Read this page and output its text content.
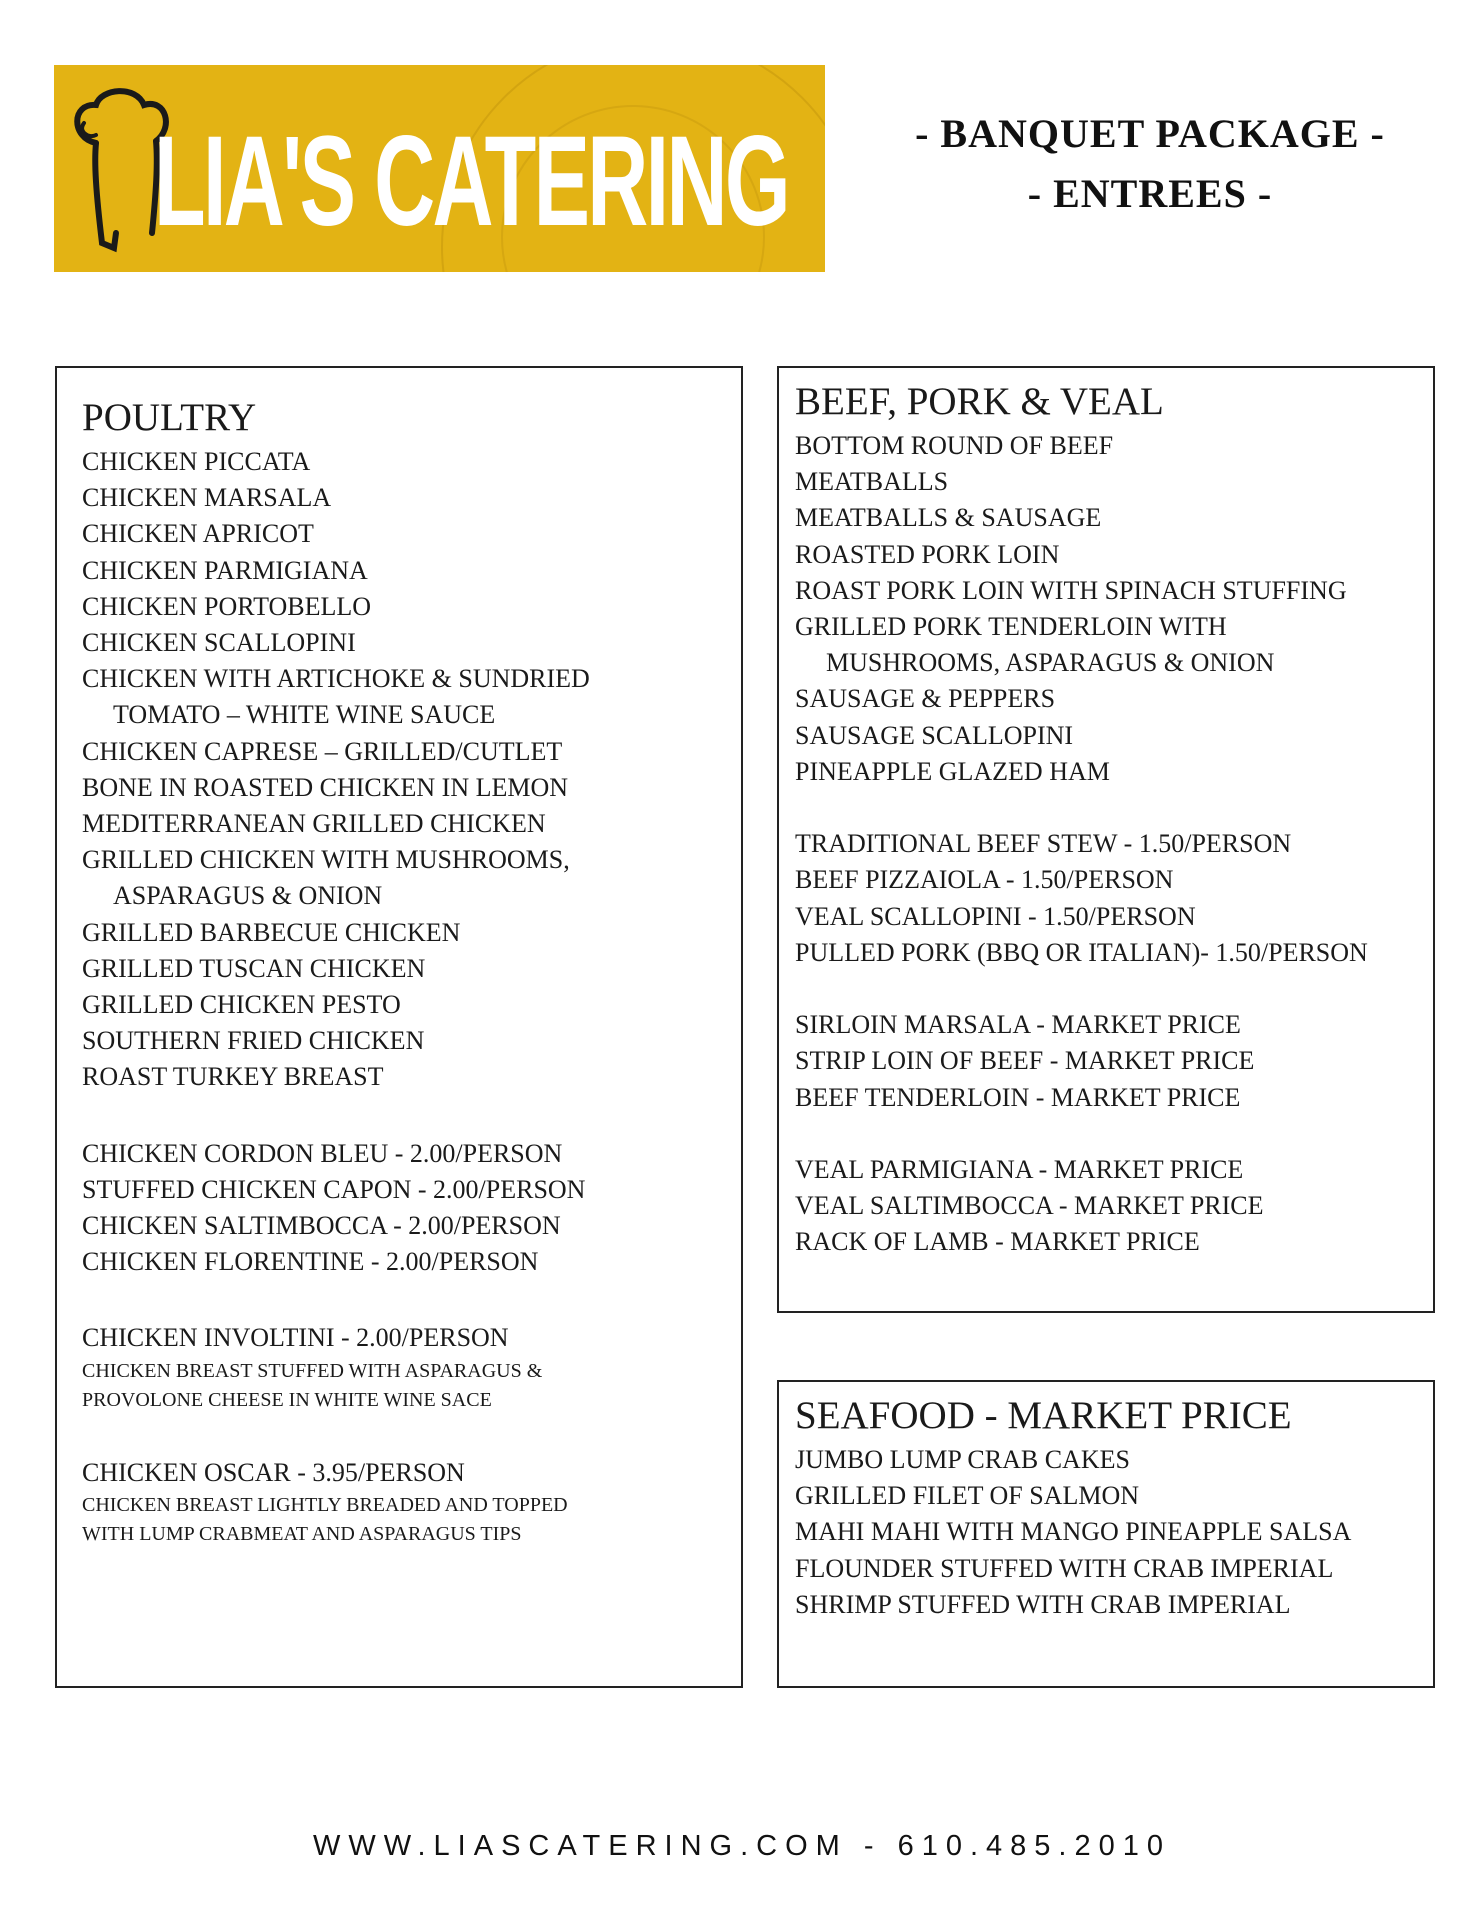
LIA'S CATERING	- BANQUET PACKAGE -
- ENTREES -
POULTRY
CHICKEN PICCATA
CHICKEN MARSALA
CHICKEN APRICOT
CHICKEN PARMIGIANA
CHICKEN PORTOBELLO
CHICKEN SCALLOPINI
CHICKEN WITH ARTICHOKE & SUNDRIED
TOMATO – WHITE WINE SAUCE
CHICKEN CAPRESE – GRILLED/CUTLET
BONE IN ROASTED CHICKEN IN LEMON
MEDITERRANEAN GRILLED CHICKEN
GRILLED CHICKEN WITH MUSHROOMS,
ASPARAGUS & ONION
GRILLED BARBECUE CHICKEN
GRILLED TUSCAN CHICKEN
GRILLED CHICKEN PESTO
SOUTHERN FRIED CHICKEN
ROAST TURKEY BREAST
CHICKEN CORDON BLEU - 2.00/PERSON
STUFFED CHICKEN CAPON - 2.00/PERSON
CHICKEN SALTIMBOCCA - 2.00/PERSON
CHICKEN FLORENTINE - 2.00/PERSON
CHICKEN INVOLTINI - 2.00/PERSON
CHICKEN BREAST STUFFED WITH ASPARAGUS &
PROVOLONE CHEESE IN WHITE WINE SACE
CHICKEN OSCAR - 3.95/PERSON
CHICKEN BREAST LIGHTLY BREADED AND TOPPED
WITH LUMP CRABMEAT AND ASPARAGUS TIPS
BEEF, PORK & VEAL
BOTTOM ROUND OF BEEF
MEATBALLS
MEATBALLS & SAUSAGE
ROASTED PORK LOIN
ROAST PORK LOIN WITH SPINACH STUFFING
GRILLED PORK TENDERLOIN WITH
MUSHROOMS, ASPARAGUS & ONION
SAUSAGE & PEPPERS
SAUSAGE SCALLOPINI
PINEAPPLE GLAZED HAM
TRADITIONAL BEEF STEW - 1.50/PERSON
BEEF PIZZAIOLA - 1.50/PERSON
VEAL SCALLOPINI - 1.50/PERSON
PULLED PORK (BBQ OR ITALIAN)- 1.50/PERSON
SIRLOIN MARSALA - MARKET PRICE
STRIP LOIN OF BEEF - MARKET PRICE
BEEF TENDERLOIN - MARKET PRICE
VEAL PARMIGIANA - MARKET PRICE
VEAL SALTIMBOCCA - MARKET PRICE
RACK OF LAMB - MARKET PRICE
SEAFOOD - MARKET PRICE
JUMBO LUMP CRAB CAKES
GRILLED FILET OF SALMON
MAHI MAHI WITH MANGO PINEAPPLE SALSA
FLOUNDER STUFFED WITH CRAB IMPERIAL
SHRIMP STUFFED WITH CRAB IMPERIAL
WWW.LIASCATERING.COM - 610.485.2010
